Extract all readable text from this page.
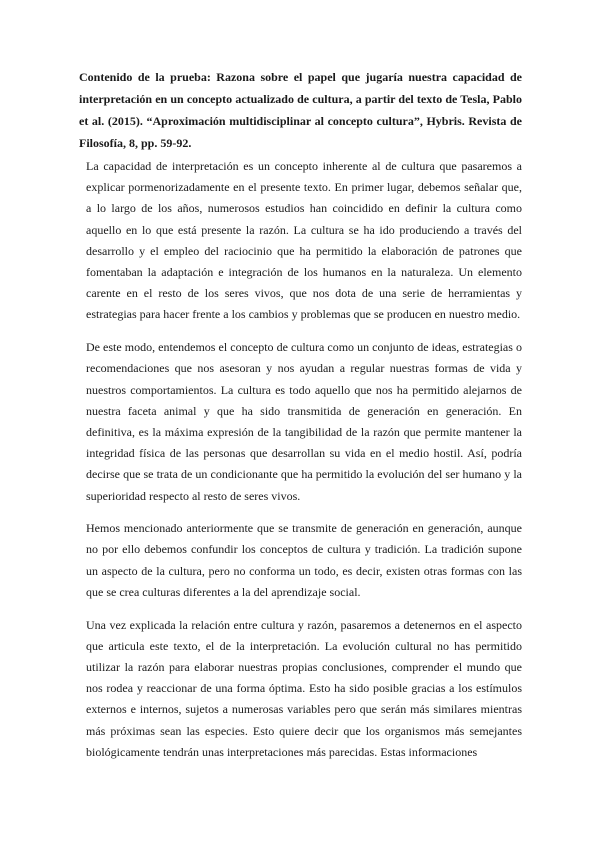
Contenido de la prueba: Razona sobre el papel que jugaría nuestra capacidad de interpretación en un concepto actualizado de cultura, a partir del texto de Tesla, Pablo et al. (2015). “Aproximación multidisciplinar al concepto cultura”, Hybris. Revista de Filosofía, 8, pp. 59-92.

La capacidad de interpretación es un concepto inherente al de cultura que pasaremos a explicar pormenorizadamente en el presente texto. En primer lugar, debemos señalar que, a lo largo de los años, numerosos estudios han coincidido en definir la cultura como aquello en lo que está presente la razón. La cultura se ha ido produciendo a través del desarrollo y el empleo del raciocinio que ha permitido la elaboración de patrones que fomentaban la adaptación e integración de los humanos en la naturaleza. Un elemento carente en el resto de los seres vivos, que nos dota de una serie de herramientas y estrategias para hacer frente a los cambios y problemas que se producen en nuestro medio.

De este modo, entendemos el concepto de cultura como un conjunto de ideas, estrategias o recomendaciones que nos asesoran y nos ayudan a regular nuestras formas de vida y nuestros comportamientos. La cultura es todo aquello que nos ha permitido alejarnos de nuestra faceta animal y que ha sido transmitida de generación en generación. En definitiva, es la máxima expresión de la tangibilidad de la razón que permite mantener la integridad física de las personas que desarrollan su vida en el medio hostil. Así, podría decirse que se trata de un condicionante que ha permitido la evolución del ser humano y la superioridad respecto al resto de seres vivos.

Hemos mencionado anteriormente que se transmite de generación en generación, aunque no por ello debemos confundir los conceptos de cultura y tradición. La tradición supone un aspecto de la cultura, pero no conforma un todo, es decir, existen otras formas con las que se crea culturas diferentes a la del aprendizaje social.

Una vez explicada la relación entre cultura y razón, pasaremos a detenernos en el aspecto que articula este texto, el de la interpretación. La evolución cultural no has permitido utilizar la razón para elaborar nuestras propias conclusiones, comprender el mundo que nos rodea y reaccionar de una forma óptima. Esto ha sido posible gracias a los estímulos externos e internos, sujetos a numerosas variables pero que serán más similares mientras más próximas sean las especies. Esto quiere decir que los organismos más semejantes biológicamente tendrán unas interpretaciones más parecidas. Estas informaciones
